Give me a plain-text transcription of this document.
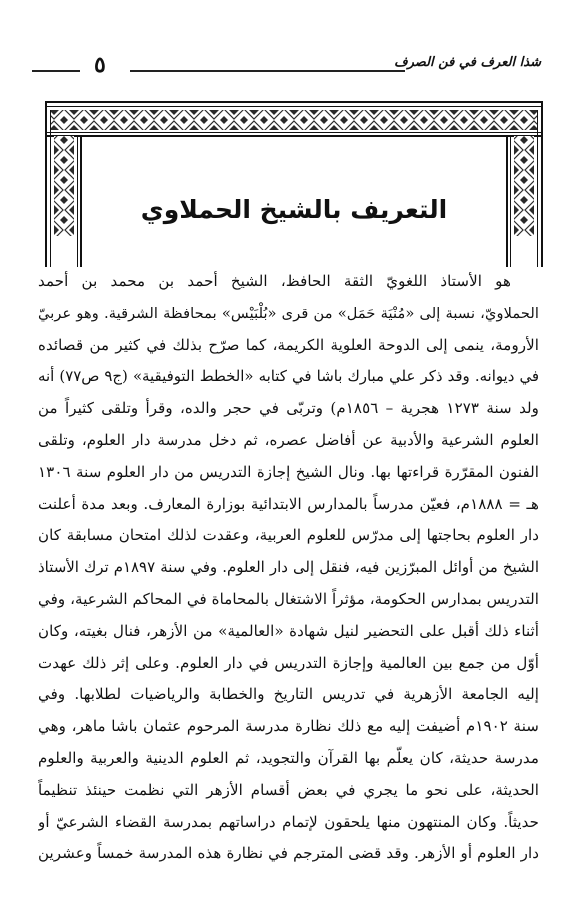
٥	شذا العرف في فن الصرف
التعريف بالشيخ الحملاوي
هو الأستاذ اللغويّ الثقة الحافظ، الشيخ أحمد بن محمد بن أحمد
الحملاويّ، نسبة إلى «مُنْيَة حَمَل» من قرى «بُلْبَيْس» بمحافظة الشرقية. وهو عربيّ
الأرومة، ينمى إلى الدوحة العلوية الكريمة، كما صرّح بذلك في كثير من قصائده
في ديوانه. وقد ذكر علي مبارك باشا في كتابه «الخطط التوفيقية» (ج٩ ص٧٧) أنه
ولد سنة ١٢٧٣ هجرية – ١٨٥٦م) وتربّى في حجر والده، وقرأ وتلقى كثيراً من
العلوم الشرعية والأدبية عن أفاضل عصره، ثم دخل مدرسة دار العلوم، وتلقى
الفنون المقرّرة قراءتها بها. ونال الشيخ إجازة التدريس من دار العلوم سنة ١٣٠٦
هـ = ١٨٨٨م، فعيّن مدرساً بالمدارس الابتدائية بوزارة المعارف. وبعد مدة أعلنت
دار العلوم بحاجتها إلى مدرّس للعلوم العربية، وعقدت لذلك امتحان مسابقة كان
الشيخ من أوائل المبرّزين فيه، فنقل إلى دار العلوم. وفي سنة ١٨٩٧م ترك الأستاذ
التدريس بمدارس الحكومة، مؤثراً الاشتغال بالمحاماة في المحاكم الشرعية، وفي
أثناء ذلك أقبل على التحضير لنيل شهادة «العالمية» من الأزهر، فنال بغيته، وكان
أوّل من جمع بين العالمية وإجازة التدريس في دار العلوم. وعلى إثر ذلك عهدت
إليه الجامعة الأزهرية في تدريس التاريخ والخطابة والرياضيات لطلابها. وفي
سنة ١٩٠٢م أضيفت إليه مع ذلك نظارة مدرسة المرحوم عثمان باشا ماهر، وهي
مدرسة حديثة، كان يعلّم بها القرآن والتجويد، ثم العلوم الدينية والعربية والعلوم
الحديثة، على نحو ما يجري في بعض أقسام الأزهر التي نظمت حينئذ تنظيماً
حديثاً. وكان المنتهون منها يلحقون لإتمام دراساتهم بمدرسة القضاء الشرعيّ أو
دار العلوم أو الأزهر. وقد قضى المترجم في نظارة هذه المدرسة خمساً وعشرين
